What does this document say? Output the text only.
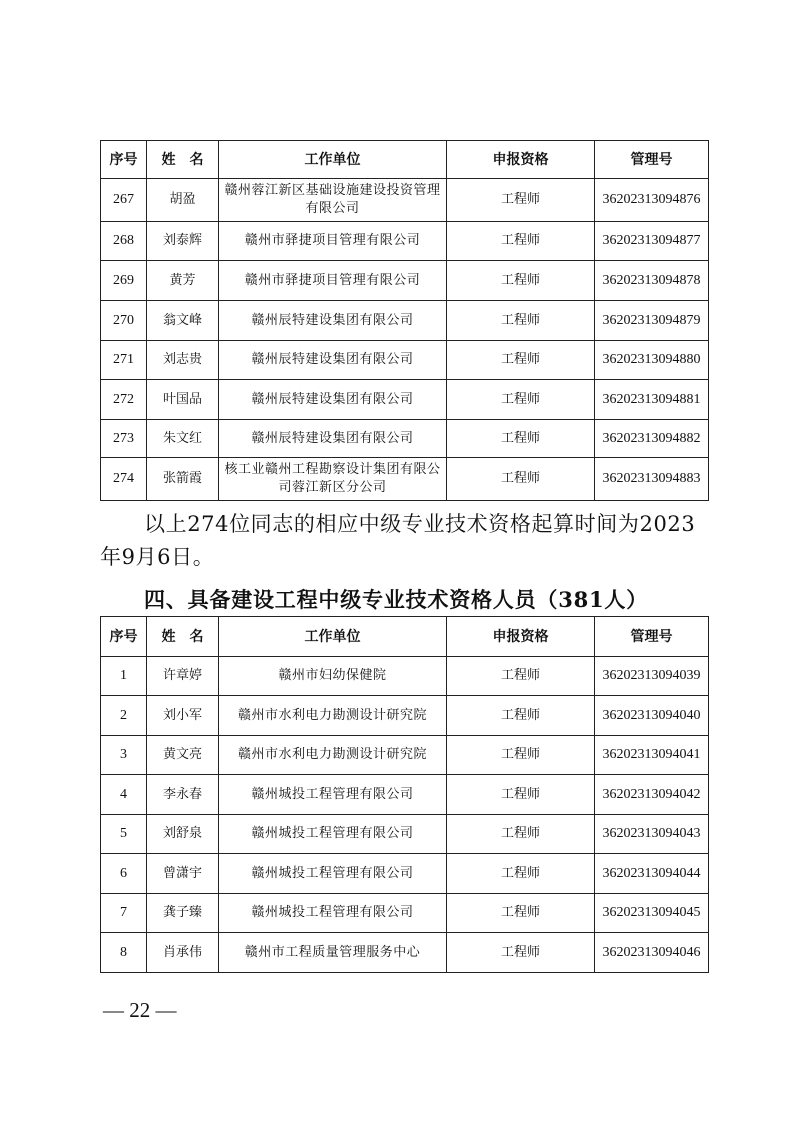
序号	姓　名	工作单位	申报资格	管理号
267	胡盈	赣州蓉江新区基础设施建设投资管理有限公司	工程师	36202313094876
268	刘泰辉	赣州市驿捷项目管理有限公司	工程师	36202313094877
269	黄芳	赣州市驿捷项目管理有限公司	工程师	36202313094878
270	翁文峰	赣州辰特建设集团有限公司	工程师	36202313094879
271	刘志贵	赣州辰特建设集团有限公司	工程师	36202313094880
272	叶国品	赣州辰特建设集团有限公司	工程师	36202313094881
273	朱文红	赣州辰特建设集团有限公司	工程师	36202313094882
274	张箭霞	核工业赣州工程勘察设计集团有限公司蓉江新区分公司	工程师	36202313094883

以上274位同志的相应中级专业技术资格起算时间为2023年9月6日。

四、具备建设工程中级专业技术资格人员（381人）
序号	姓　名	工作单位	申报资格	管理号
1	许章婷	赣州市妇幼保健院	工程师	36202313094039
2	刘小军	赣州市水利电力勘测设计研究院	工程师	36202313094040
3	黄文亮	赣州市水利电力勘测设计研究院	工程师	36202313094041
4	李永春	赣州城投工程管理有限公司	工程师	36202313094042
5	刘舒泉	赣州城投工程管理有限公司	工程师	36202313094043
6	曾潇宇	赣州城投工程管理有限公司	工程师	36202313094044
7	龚子臻	赣州城投工程管理有限公司	工程师	36202313094045
8	肖承伟	赣州市工程质量管理服务中心	工程师	36202313094046
— 22 —
